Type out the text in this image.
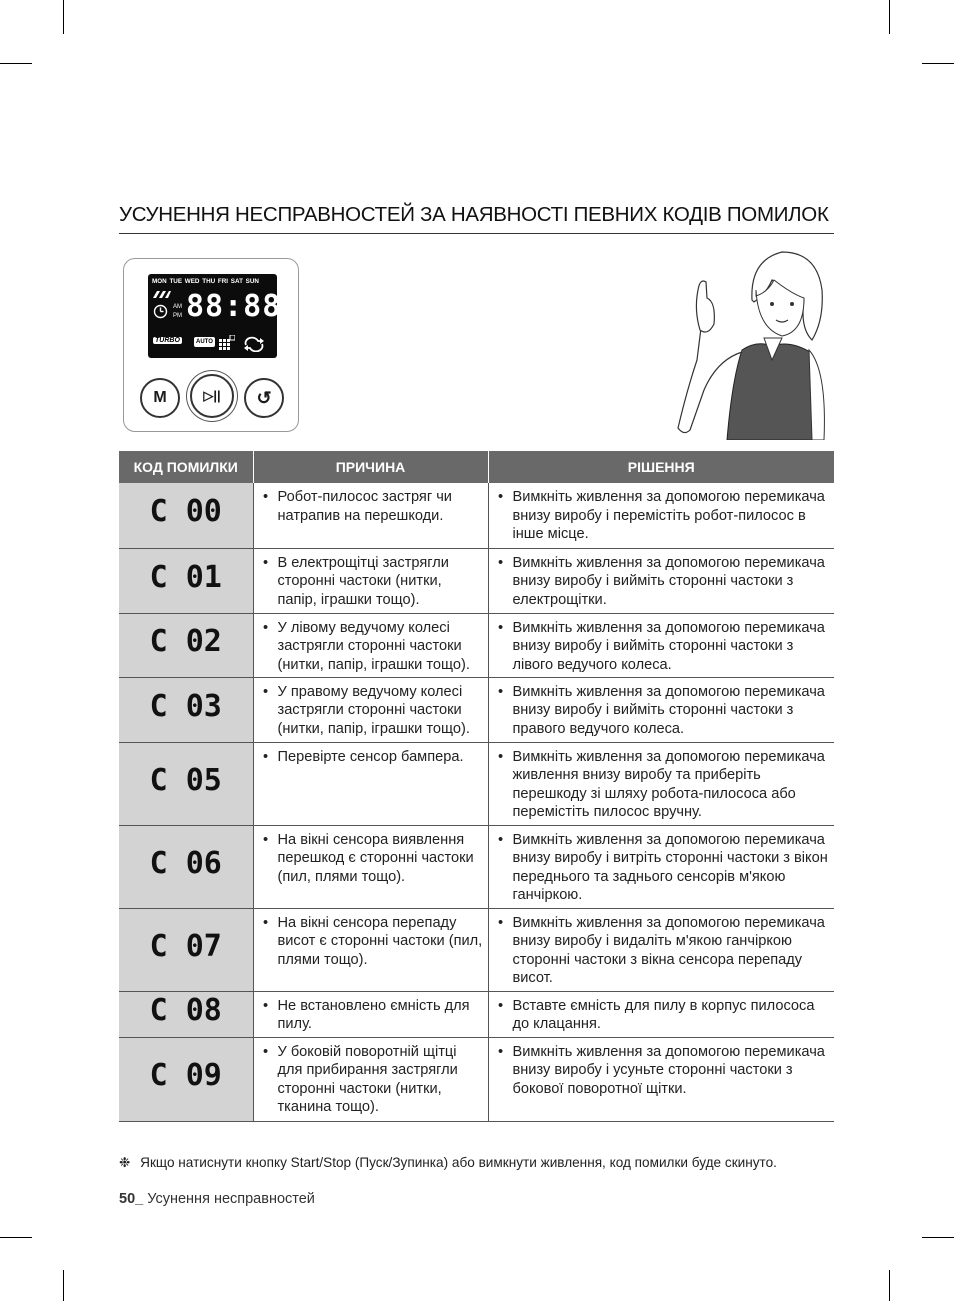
УСУНЕННЯ НЕСПРАВНОСТЕЙ ЗА НАЯВНОСТІ ПЕВНИХ КОДІВ ПОМИЛОК
MON TUE WED THU FRI SAT SUN
AM
PM 88:88
TURBO	AUTO
M	▷|| ↺
КОД ПОМИЛКИ	ПРИЧИНА	РІШЕННЯ
C 00	• Робот-пилосос застряг чи натрапив на перешкоди.	• Вимкніть живлення за допомогою перемикача внизу виробу і перемістіть робот-пилосос в інше місце.

C 01	• В електрощітці застрягли сторонні частоки (нитки, папір, іграшки тощо).	• Вимкніть живлення за допомогою перемикача внизу виробу і вийміть сторонні частоки з електрощітки.

C 02	• У лівому ведучому колесі застрягли сторонні частоки (нитки, папір, іграшки тощо).	• Вимкніть живлення за допомогою перемикача внизу виробу і вийміть сторонні частоки з лівого ведучого колеса.

C 03	• У правому ведучому колесі застрягли сторонні частоки (нитки, папір, іграшки тощо).	• Вимкніть живлення за допомогою перемикача внизу виробу і вийміть сторонні частоки з правого ведучого колеса.

C 05	• Перевірте сенсор бампера.	• Вимкніть живлення за допомогою перемикача живлення внизу виробу та приберіть перешкоду зі шляху робота-пилососа або перемістіть пилосос вручну.

C 06	• На вікні сенсора виявлення перешкод є сторонні частоки (пил, плями тощо).	• Вимкніть живлення за допомогою перемикача внизу виробу і витріть сторонні частоки з вікон переднього та заднього сенсорів м'якою ганчіркою.

C 07	• На вікні сенсора перепаду висот є сторонні частоки (пил, плями тощо).	• Вимкніть живлення за допомогою перемикача внизу виробу і видаліть м'якою ганчіркою сторонні частоки з вікна сенсора перепаду висот.

C 08	• Не встановлено ємність для пилу.	• Вставте ємність для пилу в корпус пилососа до клацання.

C 09	• У боковій поворотній щітці для прибирання застрягли сторонні частоки (нитки, тканина тощо).	• Вимкніть живлення за допомогою перемикача внизу виробу і усуньте сторонні частоки з бокової поворотної щітки.
❉ Якщо натиснути кнопку Start/Stop (Пуск/Зупинка) або вимкнути живлення, код помилки буде скинуто.
50_ Усунення несправностей
